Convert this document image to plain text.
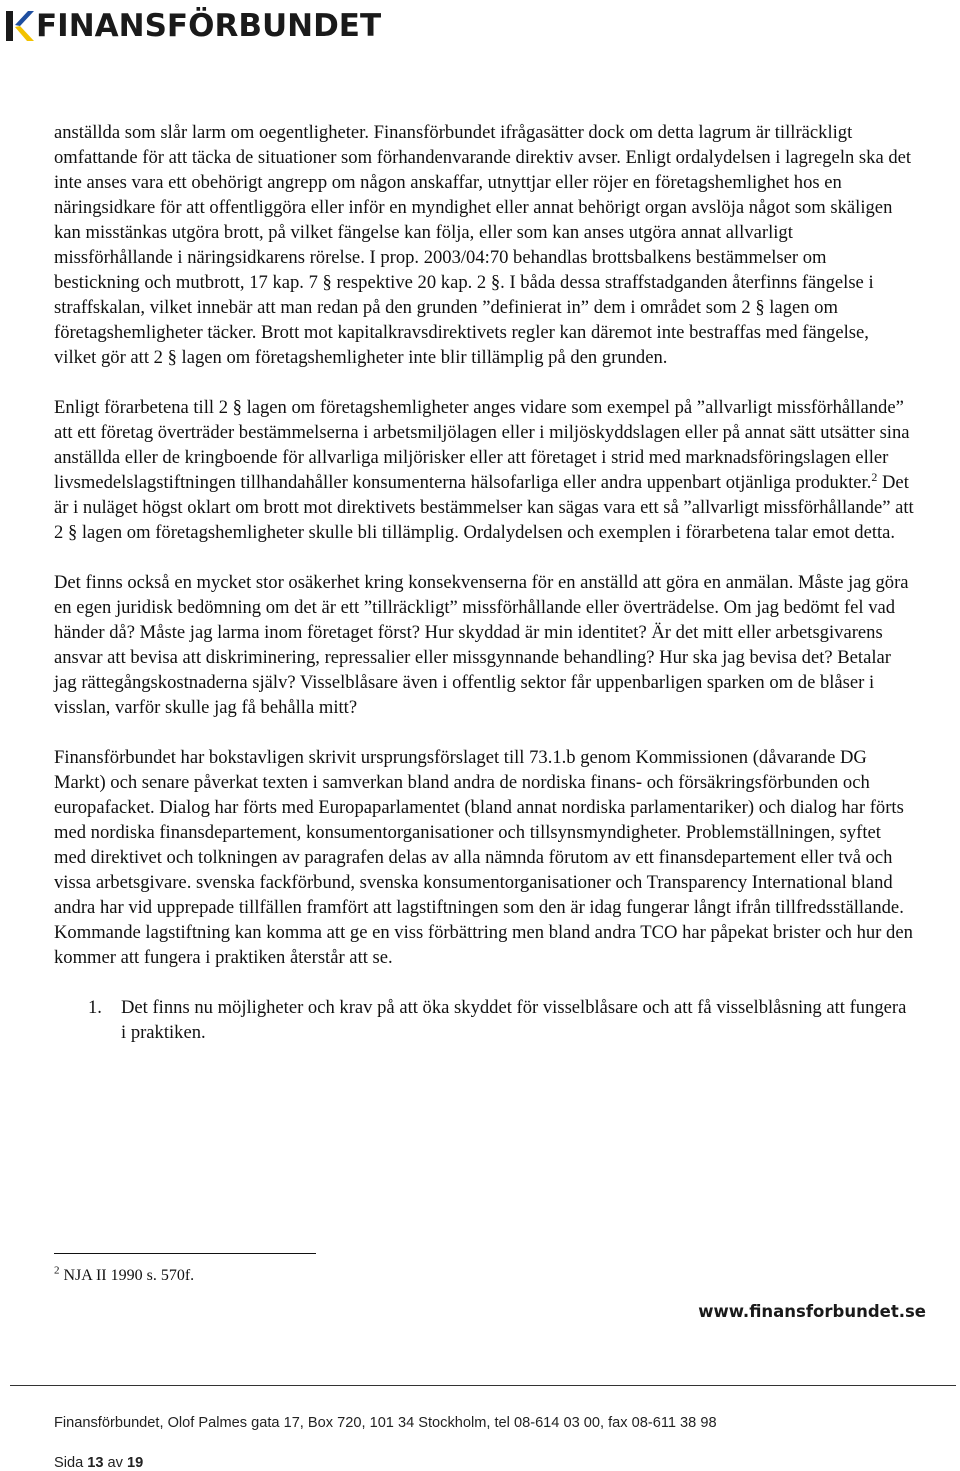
FINANSFÖRBUNDET

anställda som slår larm om oegentligheter. Finansförbundet ifrågasätter dock om detta lagrum är tillräckligt omfattande för att täcka de situationer som förhandenvarande direktiv avser. Enligt ordalydelsen i lagregeln ska det inte anses vara ett obehörigt angrepp om någon anskaffar, utnyttjar eller röjer en företagshemlighet hos en näringsidkare för att offentliggöra eller inför en myndighet eller annat behörigt organ avslöja något som skäligen kan misstänkas utgöra brott, på vilket fängelse kan följa, eller som kan anses utgöra annat allvarligt missförhållande i näringsidkarens rörelse. I prop. 2003/04:70 behandlas brottsbalkens bestämmelser om bestickning och mutbrott, 17 kap. 7 § respektive 20 kap. 2 §. I båda dessa straffstadganden återfinns fängelse i straffskalan, vilket innebär att man redan på den grunden ”definierat in” dem i området som 2 § lagen om företagshemligheter täcker. Brott mot kapitalkravsdirektivets regler kan däremot inte bestraffas med fängelse, vilket gör att 2 § lagen om företagshemligheter inte blir tillämplig på den grunden.

Enligt förarbetena till 2 § lagen om företagshemligheter anges vidare som exempel på ”allvarligt missförhållande” att ett företag överträder bestämmelserna i arbetsmiljölagen eller i miljöskyddslagen eller på annat sätt utsätter sina anställda eller de kringboende för allvarliga miljörisker eller att företaget i strid med marknadsföringslagen eller livsmedelslagstiftningen tillhandahåller konsumenterna hälsofarliga eller andra uppenbart otjänliga produkter.$^2$ Det är i nuläget högst oklart om brott mot direktivets bestämmelser kan sägas vara ett så ”allvarligt missförhållande” att 2 § lagen om företagshemligheter skulle bli tillämplig. Ordalydelsen och exemplen i förarbetena talar emot detta.

Det finns också en mycket stor osäkerhet kring konsekvenserna för en anställd att göra en anmälan. Måste jag göra en egen juridisk bedömning om det är ett ”tillräckligt” missförhållande eller överträdelse. Om jag bedömt fel vad händer då? Måste jag larma inom företaget först? Hur skyddad är min identitet? Är det mitt eller arbetsgivarens ansvar att bevisa att diskriminering, repressalier eller missgynnande behandling? Hur ska jag bevisa det? Betalar jag rättegångskostnaderna själv? Visselblåsare även i offentlig sektor får uppenbarligen sparken om de blåser i visslan, varför skulle jag få behålla mitt?

Finansförbundet har bokstavligen skrivit ursprungsförslaget till 73.1.b genom Kommissionen (dåvarande DG Markt) och senare påverkat texten i samverkan bland andra de nordiska finans- och försäkringsförbunden och europafacket. Dialog har förts med Europaparlamentet (bland annat nordiska parlamentariker) och dialog har förts med nordiska finansdepartement, konsumentorganisationer och tillsynsmyndigheter. Problemställningen, syftet med direktivet och tolkningen av paragrafen delas av alla nämnda förutom av ett finansdepartement eller två och vissa arbetsgivare. svenska fackförbund, svenska konsumentorganisationer och Transparency International bland andra har vid upprepade tillfällen framfört att lagstiftningen som den är idag fungerar långt ifrån tillfredsställande. Kommande lagstiftning kan komma att ge en viss förbättring men bland andra TCO har påpekat brister och hur den kommer att fungera i praktiken återstår att se.

1. Det finns nu möjligheter och krav på att öka skyddet för visselblåsare och att få visselblåsning att fungera i praktiken.
$^2$ NJA II 1990 s. 570f.
www.finansforbundet.se
Finansförbundet, Olof Palmes gata 17, Box 720, 101 34 Stockholm, tel 08-614 03 00, fax 08-611 38 98
Sida 13 av 19
